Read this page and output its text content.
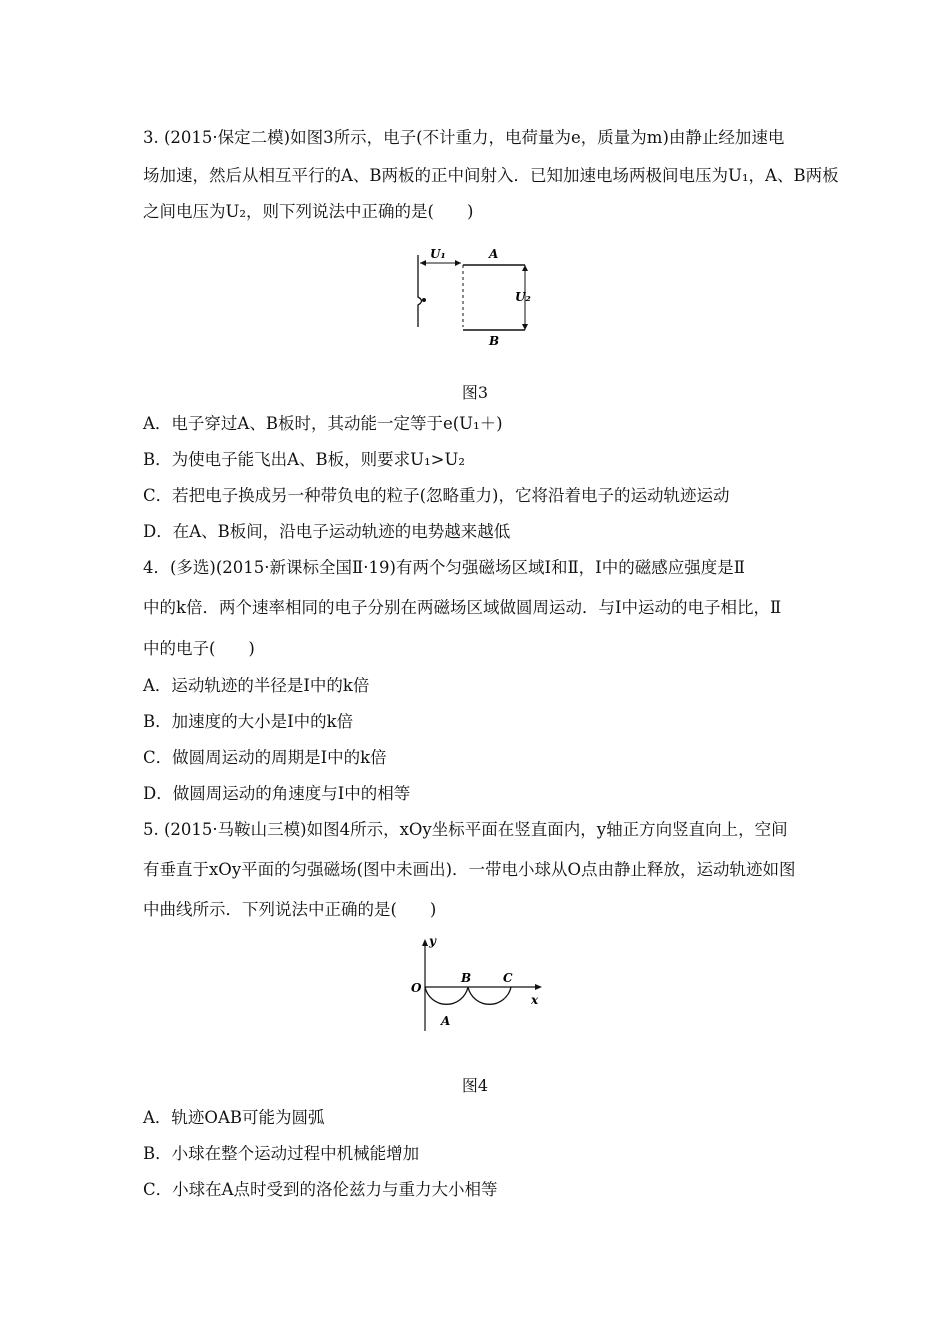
3. (2015·保定二模)如图3所示，电子(不计重力，电荷量为e，质量为m)由静止经加速电
场加速，然后从相互平行的A、B两板的正中间射入．已知加速电场两极间电压为U₁，A、B两板
之间电压为U₂，则下列说法中正确的是(　　)
U₁	A
U₂
B
图3
A．电子穿过A、B板时，其动能一定等于e(U₁＋)
B．为使电子能飞出A、B板，则要求U₁>U₂
C．若把电子换成另一种带负电的粒子(忽略重力)，它将沿着电子的运动轨迹运动
D．在A、B板间，沿电子运动轨迹的电势越来越低
4．(多选)(2015·新课标全国Ⅱ·19)有两个匀强磁场区域Ⅰ和Ⅱ，Ⅰ中的磁感应强度是Ⅱ
中的k倍．两个速率相同的电子分别在两磁场区域做圆周运动．与Ⅰ中运动的电子相比，Ⅱ
中的电子(　　)
A．运动轨迹的半径是Ⅰ中的k倍
B．加速度的大小是Ⅰ中的k倍
C．做圆周运动的周期是Ⅰ中的k倍
D．做圆周运动的角速度与Ⅰ中的相等
5. (2015·马鞍山三模)如图4所示，xOy坐标平面在竖直面内，y轴正方向竖直向上，空间
有垂直于xOy平面的匀强磁场(图中未画出)．一带电小球从O点由静止释放，运动轨迹如图
中曲线所示．下列说法中正确的是(　　)
y
O
B	C
x
A
图4
A．轨迹OAB可能为圆弧
B．小球在整个运动过程中机械能增加
C．小球在A点时受到的洛伦兹力与重力大小相等
